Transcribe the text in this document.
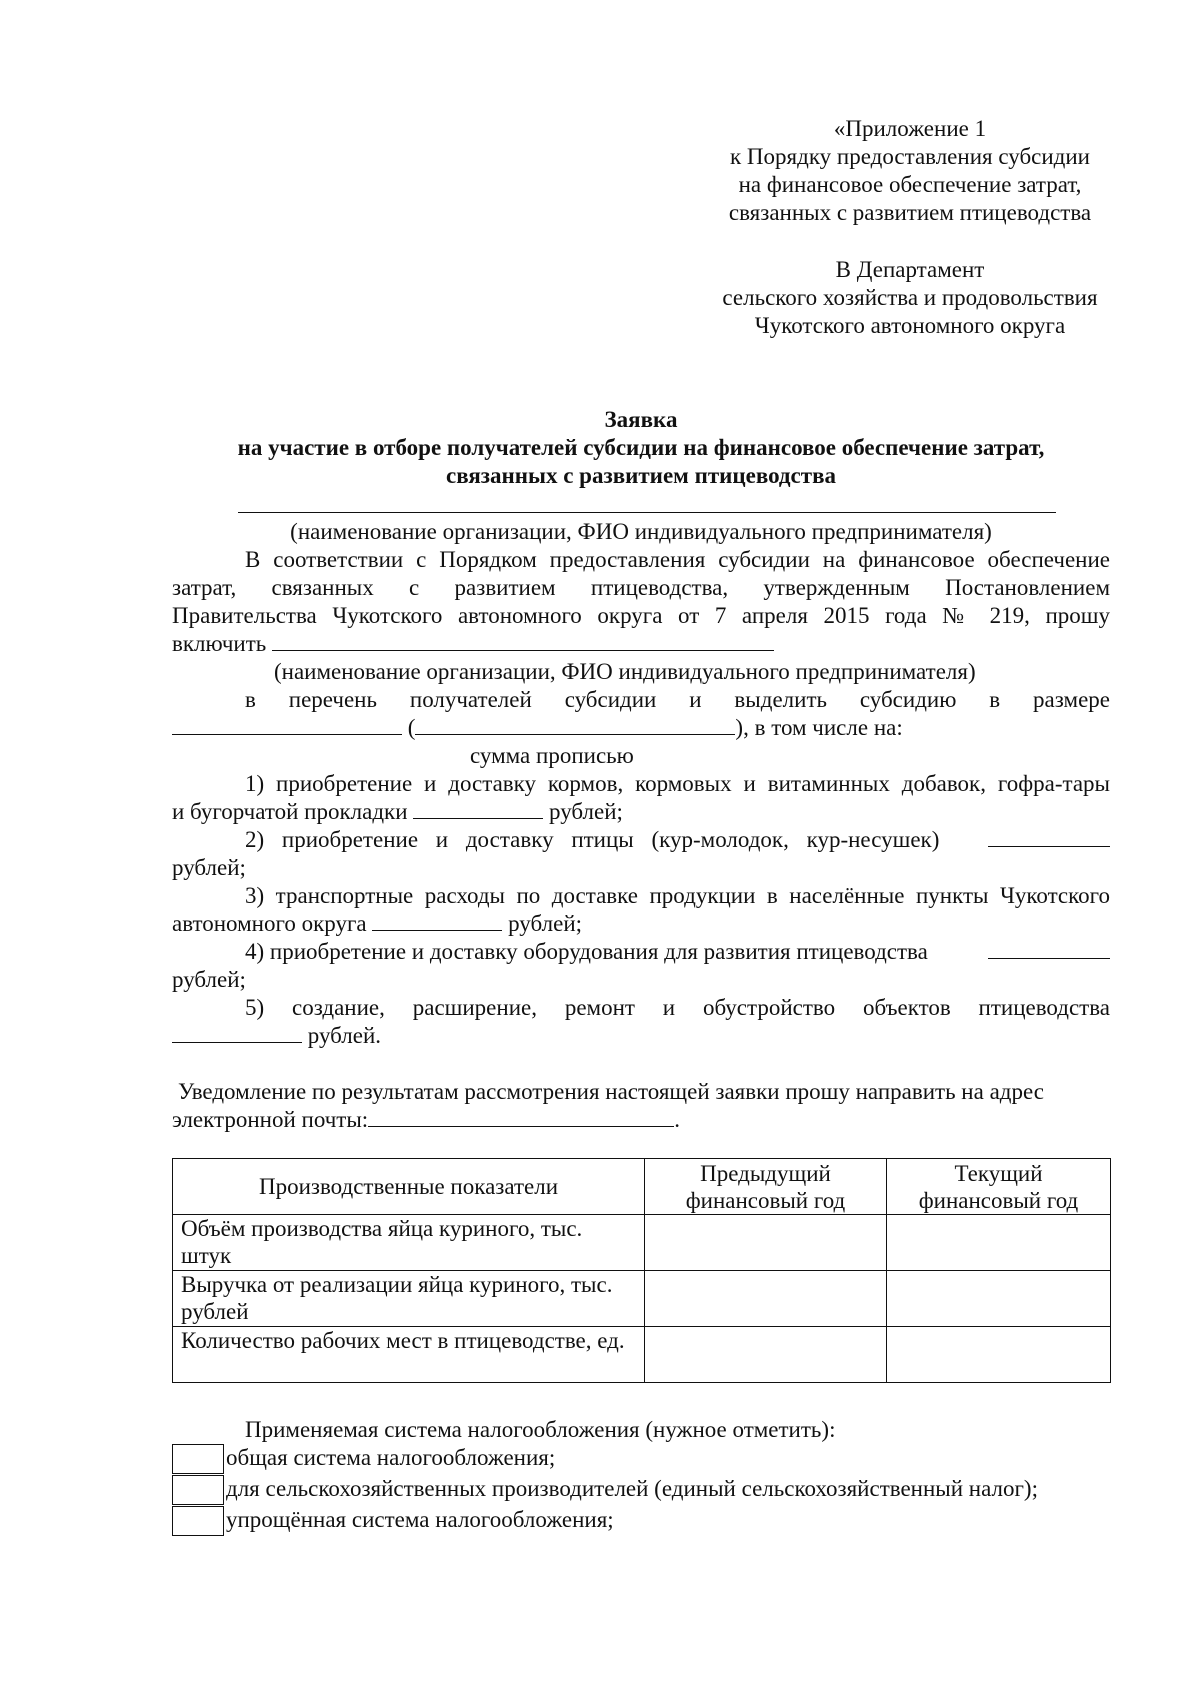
«Приложение 1
к Порядку предоставления субсидии
на финансовое обеспечение затрат,
связанных с развитием птицеводства
В Департамент
сельского хозяйства и продовольствия
Чукотского автономного округа
Заявка
на участие в отборе получателей субсидии на финансовое обеспечение затрат,
связанных с развитием птицеводства
(наименование организации, ФИО индивидуального предпринимателя)
В соответствии с Порядком предоставления субсидии на финансовое обеспечение
затрат, связанных с развитием птицеводства, утвержденным Постановлением
Правительства Чукотского автономного округа от 7 апреля 2015 года № 219, прошу
включить
(наименование организации, ФИО индивидуального предпринимателя)
в перечень получателей субсидии и выделить субсидию в размере
(	), в том числе на:
сумма прописью
1) приобретение и доставку кормов, кормовых и витаминных добавок, гофра-тары
и бугорчатой прокладки	рублей;
2) приобретение и доставку птицы (кур-молодок, кур-несушек)
рублей;
3) транспортные расходы по доставке продукции в населённые пункты Чукотского
автономного округа	рублей;
4) приобретение и доставку оборудования для развития птицеводства
рублей;
5) создание, расширение, ремонт и обустройство объектов птицеводства
рублей.
Уведомление по результатам рассмотрения настоящей заявки прошу направить на адрес
электронной почты:	.
Производственные показатели	Предыдущий финансовый год	Текущий финансовый год
Объём производства яйца куриного, тыс. штук		
Выручка от реализации яйца куриного, тыс. рублей		
Количество рабочих мест в птицеводстве, ед.		
Применяемая система налогообложения (нужное отметить):
общая система налогообложения;
для сельскохозяйственных производителей (единый сельскохозяйственный налог);
упрощённая система налогообложения;
